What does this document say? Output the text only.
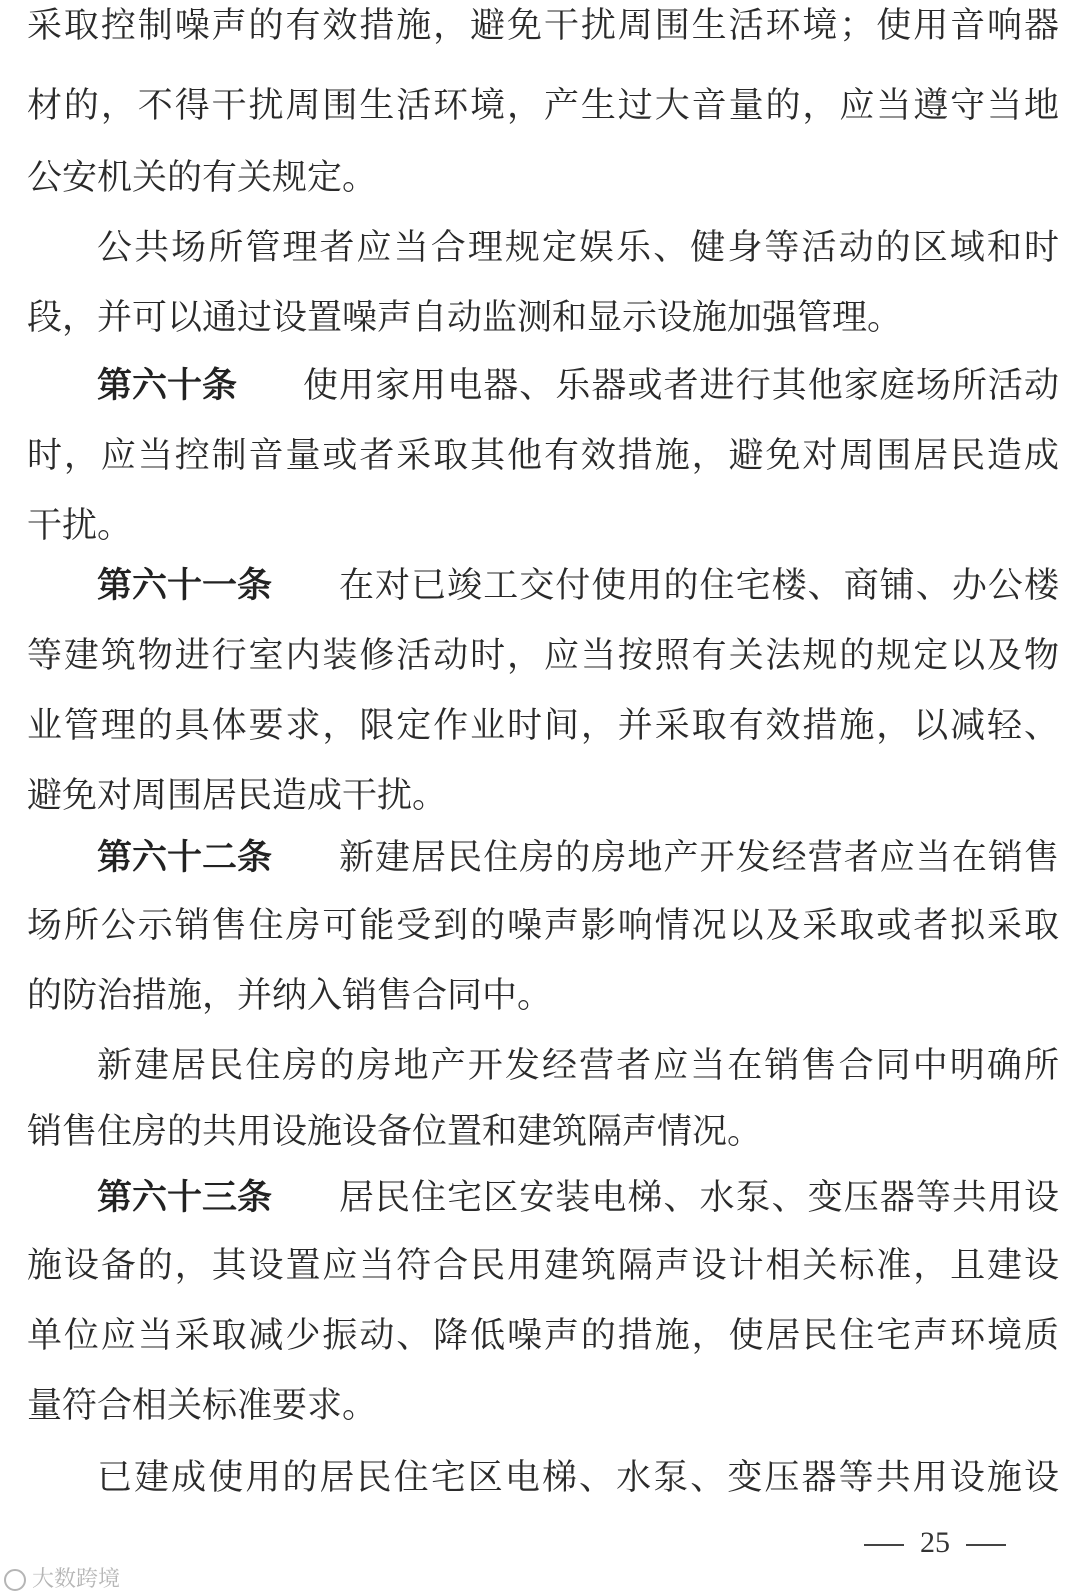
采取控制噪声的有效措施，避免干扰周围生活环境；使用音响器
材的，不得干扰周围生活环境，产生过大音量的，应当遵守当地
公安机关的有关规定。
公共场所管理者应当合理规定娱乐、健身等活动的区域和时
段，并可以通过设置噪声自动监测和显示设施加强管理。
第六十条 使用家用电器、乐器或者进行其他家庭场所活动
时，应当控制音量或者采取其他有效措施，避免对周围居民造成
干扰。
第六十一条 在对已竣工交付使用的住宅楼、商铺、办公楼
等建筑物进行室内装修活动时，应当按照有关法规的规定以及物
业管理的具体要求，限定作业时间，并采取有效措施，以减轻、
避免对周围居民造成干扰。
第六十二条 新建居民住房的房地产开发经营者应当在销售
场所公示销售住房可能受到的噪声影响情况以及采取或者拟采取
的防治措施，并纳入销售合同中。
新建居民住房的房地产开发经营者应当在销售合同中明确所
销售住房的共用设施设备位置和建筑隔声情况。
第六十三条 居民住宅区安装电梯、水泵、变压器等共用设
施设备的，其设置应当符合民用建筑隔声设计相关标准，且建设
单位应当采取减少振动、降低噪声的措施，使居民住宅声环境质
量符合相关标准要求。
已建成使用的居民住宅区电梯、水泵、变压器等共用设施设
25
大数跨境
